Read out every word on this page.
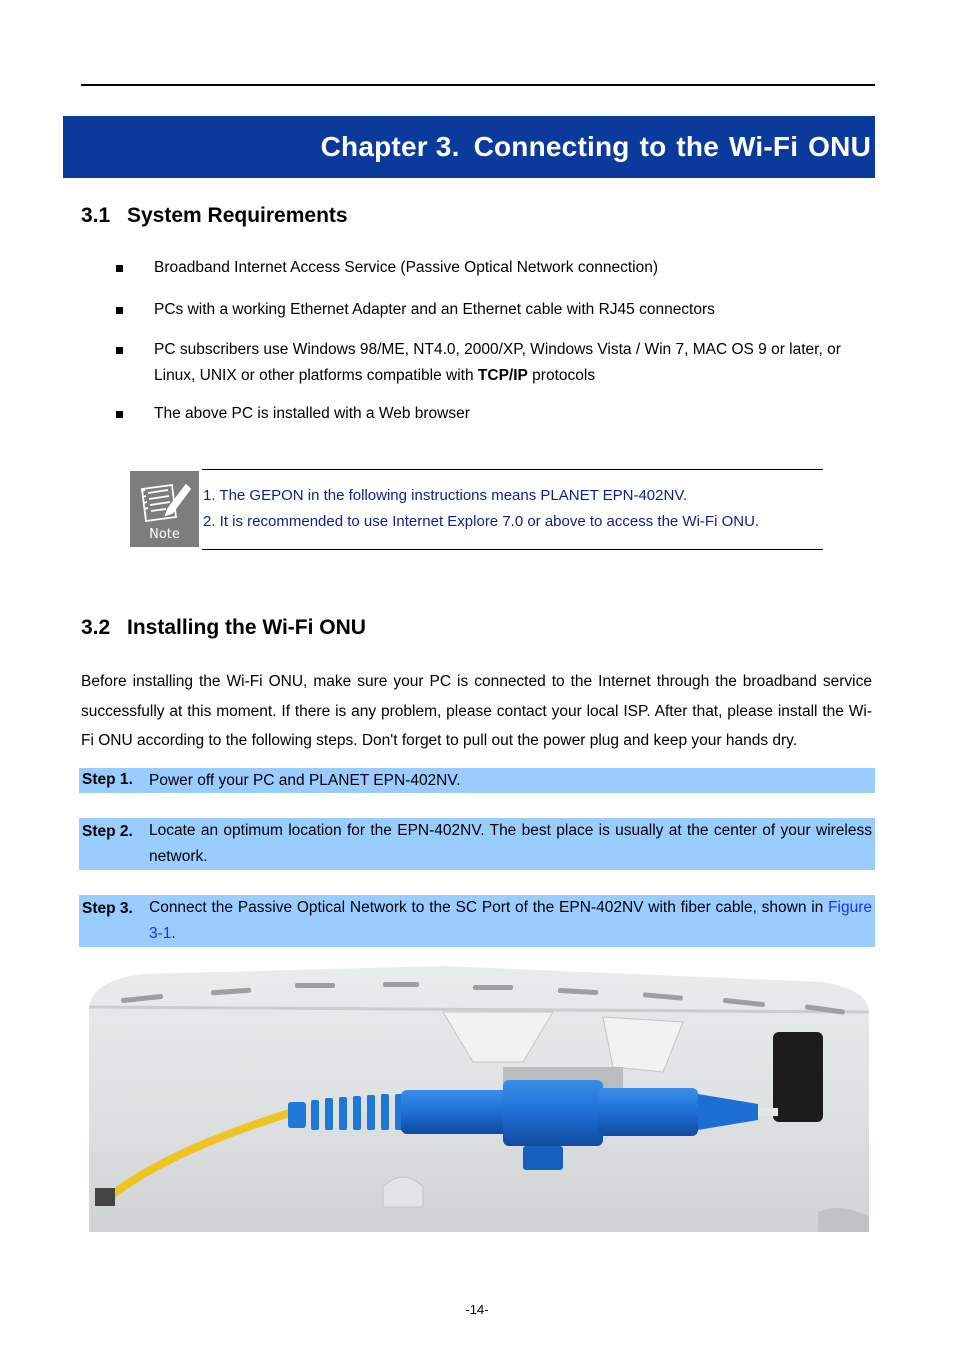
Chapter 3. Connecting to the Wi-Fi ONU
3.1 System Requirements
Broadband Internet Access Service (Passive Optical Network connection)
PCs with a working Ethernet Adapter and an Ethernet cable with RJ45 connectors
PC subscribers use Windows 98/ME, NT4.0, 2000/XP, Windows Vista / Win 7, MAC OS 9 or later, or Linux, UNIX or other platforms compatible with TCP/IP protocols
The above PC is installed with a Web browser
Note

1. The GEPON in the following instructions means PLANET EPN-402NV.

2. It is recommended to use Internet Explore 7.0 or above to access the Wi-Fi ONU.

3.2 Installing the Wi-Fi ONU

Before installing the Wi-Fi ONU, make sure your PC is connected to the Internet through the broadband service successfully at this moment. If there is any problem, please contact your local ISP. After that, please install the Wi-Fi ONU according to the following steps. Don't forget to pull out the power plug and keep your hands dry.

Step 1. Power off your PC and PLANET EPN-402NV.
Step 2. Locate an optimum location for the EPN-402NV. The best place is usually at the center of your wireless network.
Step 3. Connect the Passive Optical Network to the SC Port of the EPN-402NV with fiber cable, shown in Figure 3-1.
-14-
